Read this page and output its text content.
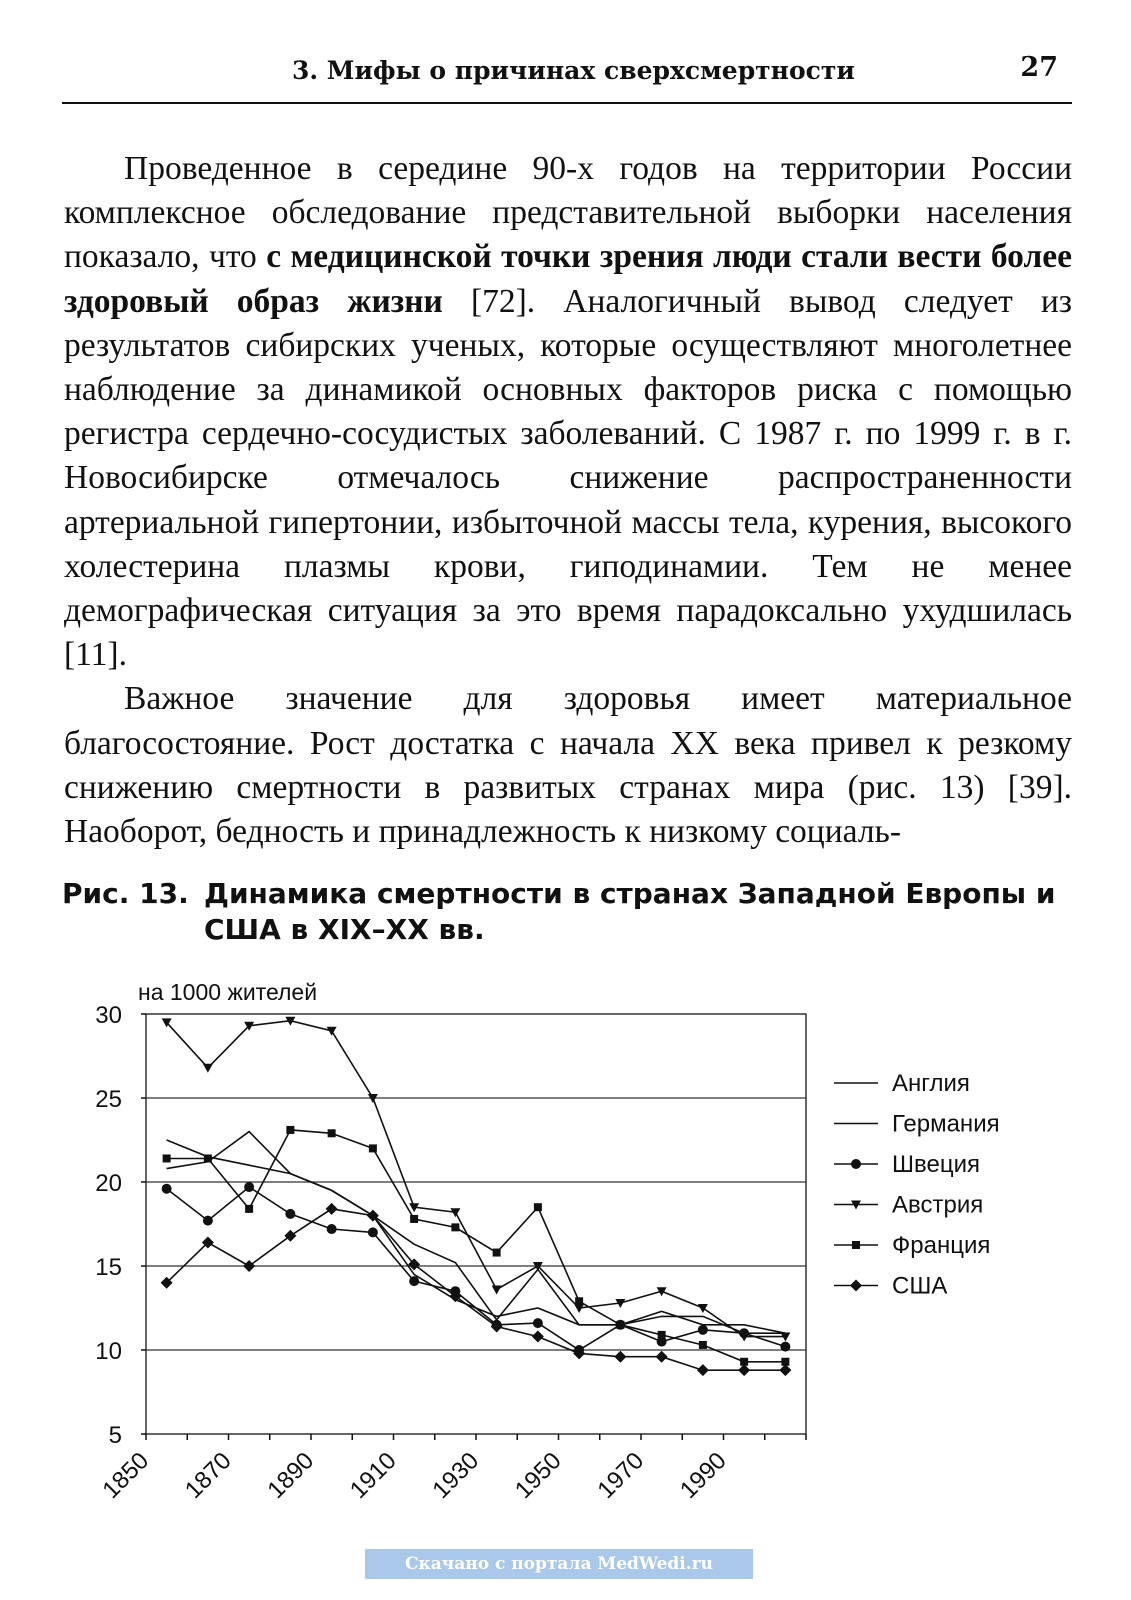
3. Мифы о причинах сверхсмертности	27

Проведенное в середине 90-х годов на территории России комплексное обследование представительной выборки населения показало, что с медицинской точки зрения люди стали вести более здоровый образ жизни [72]. Аналогичный вывод следует из результатов сибирских ученых, которые осуществляют многолетнее наблюдение за динамикой основных факторов риска с помощью регистра сердечно-сосудистых заболеваний. С 1987 г. по 1999 г. в г. Новосибирске отмечалось снижение распространенности артериальной гипертонии, избыточной массы тела, курения, высокого холестерина плазмы крови, гиподинамии. Тем не менее демографическая ситуация за это время парадоксально ухудшилась [11].

Важное значение для здоровья имеет материальное благосостояние. Рост достатка с начала XX века привел к резкому снижению смертности в развитых странах мира (рис. 13) [39]. Наоборот, бедность и принадлежность к низкому социаль-

Рис. 13. Динамика смертности в странах Западной Европы и США в XIX–XX вв.
5
10
15
20
25
30
на 1000 жителей
1850 1870 1890 1910 1930 1950 1970 1990
Англия
Германия
Швеция
Австрия
Франция
США
Скачано с портала MedWedi.ru
